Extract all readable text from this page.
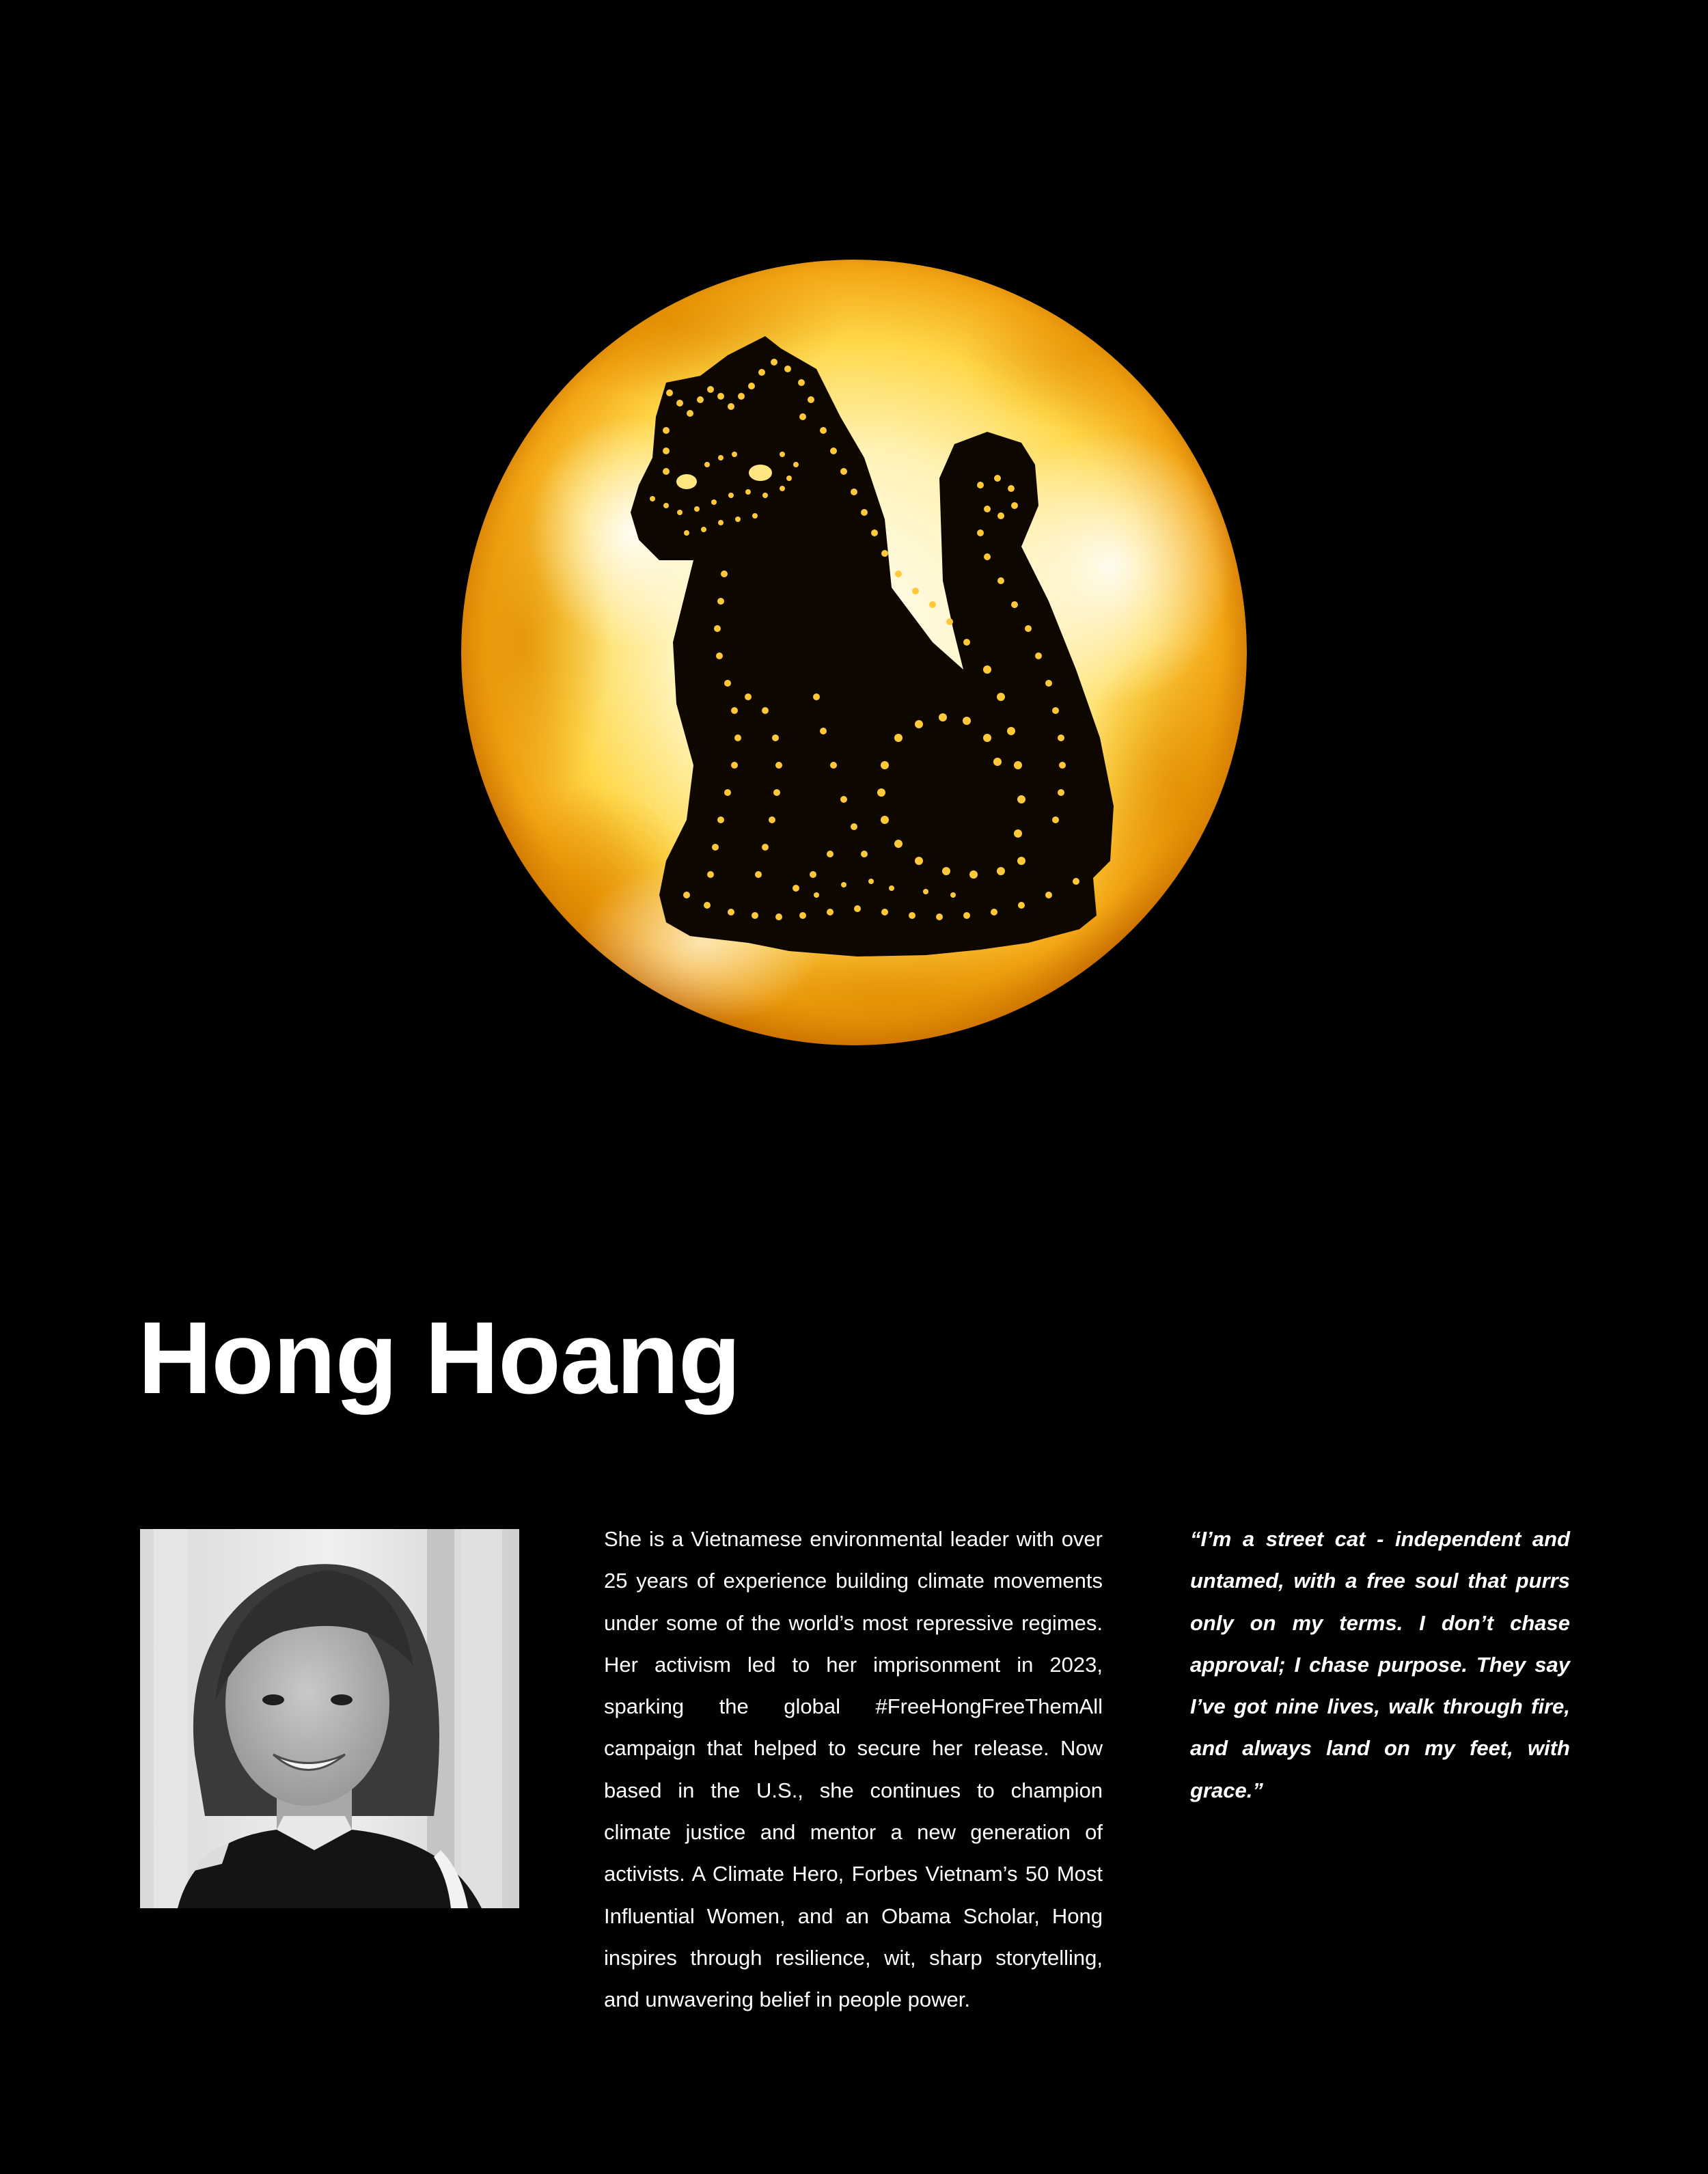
Hong Hoang

She is a Vietnamese environmental leader with over 25 years of experience building climate movements under some of the world’s most repressive regimes. Her activism led to her imprisonment in 2023, sparking the global #FreeHongFreeThemAll campaign that helped to secure her release. Now based in the U.S., she continues to champion climate justice and mentor a new generation of activists. A Climate Hero, Forbes Vietnam’s 50 Most Influential Women, and an Obama Scholar, Hong inspires through resilience, wit, sharp storytelling, and unwavering belief in people power.

“I’m a street cat - independent and untamed, with a free soul that purrs only on my terms. I don’t chase approval; I chase purpose. They say I’ve got nine lives, walk through fire, and always land on my feet, with grace.”
